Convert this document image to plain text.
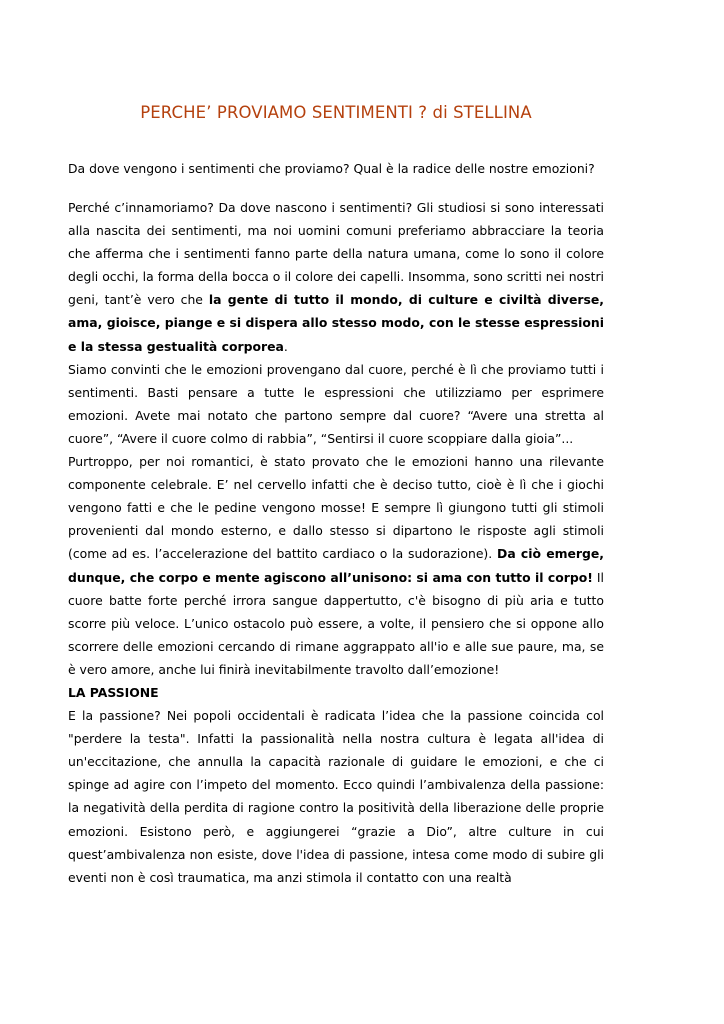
PERCHE’ PROVIAMO SENTIMENTI ? di STELLINA
Da dove vengono i sentimenti che proviamo? Qual è la radice delle nostre emozioni?

Perché c’innamoriamo? Da dove nascono i sentimenti? Gli studiosi si sono interessati alla nascita dei sentimenti, ma noi uomini comuni preferiamo abbracciare la teoria che afferma che i sentimenti fanno parte della natura umana, come lo sono il colore degli occhi, la forma della bocca o il colore dei capelli. Insomma, sono scritti nei nostri geni, tant’è vero che la gente di tutto il mondo, di culture e civiltà diverse, ama, gioisce, piange e si dispera allo stesso modo, con le stesse espressioni e la stessa gestualità corporea.

Siamo convinti che le emozioni provengano dal cuore, perché è lì che proviamo tutti i sentimenti. Basti pensare a tutte le espressioni che utilizziamo per esprimere emozioni. Avete mai notato che partono sempre dal cuore? “Avere una stretta al cuore”, “Avere il cuore colmo di rabbia”, “Sentirsi il cuore scoppiare dalla gioia”...

Purtroppo, per noi romantici, è stato provato che le emozioni hanno una rilevante componente celebrale. E’ nel cervello infatti che è deciso tutto, cioè è lì che i giochi vengono fatti e che le pedine vengono mosse! E sempre lì giungono tutti gli stimoli provenienti dal mondo esterno, e dallo stesso si dipartono le risposte agli stimoli (come ad es. l’accelerazione del battito cardiaco o la sudorazione). Da ciò emerge, dunque, che corpo e mente agiscono all’unisono: si ama con tutto il corpo! Il cuore batte forte perché irrora sangue dappertutto, c'è bisogno di più aria e tutto scorre più veloce. L’unico ostacolo può essere, a volte, il pensiero che si oppone allo scorrere delle emozioni cercando di rimane aggrappato all'io e alle sue paure, ma, se è vero amore, anche lui finirà inevitabilmente travolto dall’emozione!

LA PASSIONE

E la passione? Nei popoli occidentali è radicata l’idea che la passione coincida col "perdere la testa". Infatti la passionalità nella nostra cultura è legata all'idea di un'eccitazione, che annulla la capacità razionale di guidare le emozioni, e che ci spinge ad agire con l’impeto del momento. Ecco quindi l’ambivalenza della passione: la negatività della perdita di ragione contro la positività della liberazione delle proprie emozioni. Esistono però, e aggiungerei “grazie a Dio”, altre culture in cui quest’ambivalenza non esiste, dove l'idea di passione, intesa come modo di subire gli eventi non è così traumatica, ma anzi stimola il contatto con una realtà
